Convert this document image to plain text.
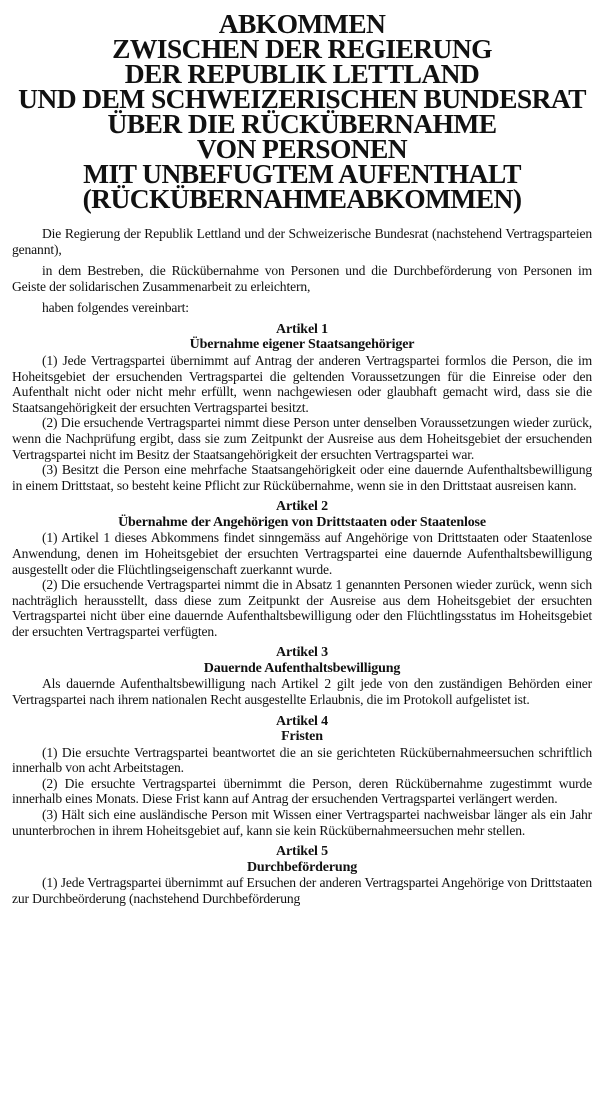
ABKOMMEN
ZWISCHEN DER REGIERUNG
DER REPUBLIK LETTLAND
UND DEM SCHWEIZERISCHEN BUNDESRAT
ÜBER DIE RÜCKÜBERNAHME
VON PERSONEN
MIT UNBEFUGTEM AUFENTHALT
(RÜCKÜBERNAHMEABKOMMEN)

Die Regierung der Republik Lettland und der Schweizerische Bundesrat (nachstehend Vertragsparteien genannt),

in dem Bestreben, die Rückübernahme von Personen und die Durchbeförderung von Personen im Geiste der solidarischen Zusammenarbeit zu erleichtern,

haben folgendes vereinbart:

Artikel 1
Übernahme eigener Staatsangehöriger

(1) Jede Vertragspartei übernimmt auf Antrag der anderen Vertragspartei formlos die Person, die im Hoheitsgebiet der ersuchenden Vertragspartei die geltenden Voraussetzungen für die Einreise oder den Aufenthalt nicht oder nicht mehr erfüllt, wenn nachgewiesen oder glaubhaft gemacht wird, dass sie die Staatsangehörigkeit der ersuchten Vertragspartei besitzt.

(2) Die ersuchende Vertragspartei nimmt diese Person unter denselben Voraussetzungen wieder zurück, wenn die Nachprüfung ergibt, dass sie zum Zeitpunkt der Ausreise aus dem Hoheitsgebiet der ersuchenden Vertragspartei nicht im Besitz der Staatsangehörigkeit der ersuchten Vertragspartei war.

(3) Besitzt die Person eine mehrfache Staatsangehörigkeit oder eine dauernde Aufenthaltsbewilligung in einem Drittstaat, so besteht keine Pflicht zur Rückübernahme, wenn sie in den Drittstaat ausreisen kann.

Artikel 2
Übernahme der Angehörigen von Drittstaaten oder Staatenlose

(1) Artikel 1 dieses Abkommens findet sinngemäss auf Angehörige von Drittstaaten oder Staatenlose Anwendung, denen im Hoheitsgebiet der ersuchten Vertragspartei eine dauernde Aufenthaltsbewilligung ausgestellt oder die Flüchtlingseigenschaft zuerkannt wurde.

(2) Die ersuchende Vertragspartei nimmt die in Absatz 1 genannten Personen wieder zurück, wenn sich nachträglich herausstellt, dass diese zum Zeitpunkt der Ausreise aus dem Hoheitsgebiet der ersuchten Vertragspartei nicht über eine dauernde Aufenthaltsbewilligung oder den Flüchtlingsstatus im Hoheitsgebiet der ersuchten Vertragspartei verfügten.

Artikel 3
Dauernde Aufenthaltsbewilligung

Als dauernde Aufenthaltsbewilligung nach Artikel 2 gilt jede von den zuständigen Behörden einer Vertragspartei nach ihrem nationalen Recht ausgestellte Erlaubnis, die im Protokoll aufgelistet ist.

Artikel 4
Fristen

(1) Die ersuchte Vertragspartei beantwortet die an sie gerichteten Rückübernahmeersuchen schriftlich innerhalb von acht Arbeitstagen.

(2) Die ersuchte Vertragspartei übernimmt die Person, deren Rückübernahme zugestimmt wurde innerhalb eines Monats. Diese Frist kann auf Antrag der ersuchenden Vertragspartei verlängert werden.

(3) Hält sich eine ausländische Person mit Wissen einer Vertragspartei nachweisbar länger als ein Jahr ununterbrochen in ihrem Hoheitsgebiet auf, kann sie kein Rückübernahmeersuchen mehr stellen.

Artikel 5
Durchbeförderung

(1) Jede Vertragspartei übernimmt auf Ersuchen der anderen Vertragspartei Angehörige von Drittstaaten zur Durchbeörderung (nachstehend Durchbeförderung
